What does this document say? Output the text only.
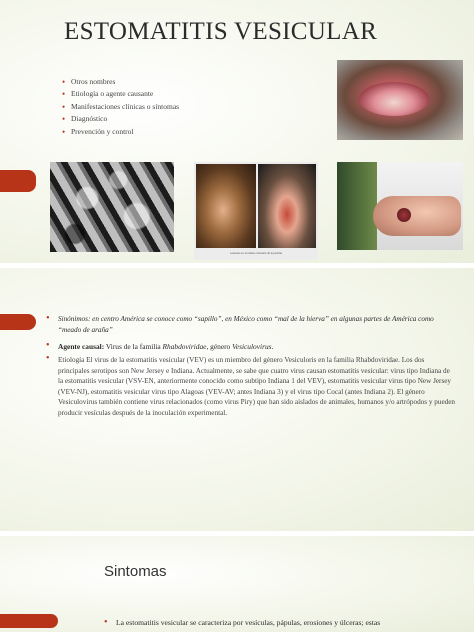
ESTOMATITIS VESICULAR
• Otros nombres
• Etiología o agente causante
• Manifestaciones clínicas o síntomas
• Diagnóstico
• Prevención y control
Lesiones en el rodete coronario de la pezuña

• Sinónimos: en centro América se conoce como “sapillo”, en México como “mal de la hierva” en algunas partes de América como “meado de araña”

• Agente causal: Virus de la familia Rhabdoviridae, género Vesiculovirus.

• Etiología El virus de la estomatitis vesicular (VEV) es un miembro del género Vesiculoris en la familia Rhabdoviridae. Los dos principales serotipos son New Jersey e Indiana. Actualmente, se sabe que cuatro virus causan estomatitis vesicular: virus tipo Indiana de la estomatitis vesicular (VSV-EN, anteriormente conocido como subtipo Indiana 1 del VEV), estomatitis vesicular virus tipo New Jersey (VEV-NJ), estomatitis vesicular virus tipo Alagoas (VEV-AV; antes Indiana 3) y el virus tipo Cocal (antes Indiana 2). El género Vesiculovirus también contiene virus relacionados (como virus Piry) que han sido aislados de animales, humanos y/o artrópodos y pueden producir vesículas después de la inoculación experimental.

Sintomas
• La estomatitis vesicular se caracteriza por vesículas, pápulas, erosiones y úlceras; estas
